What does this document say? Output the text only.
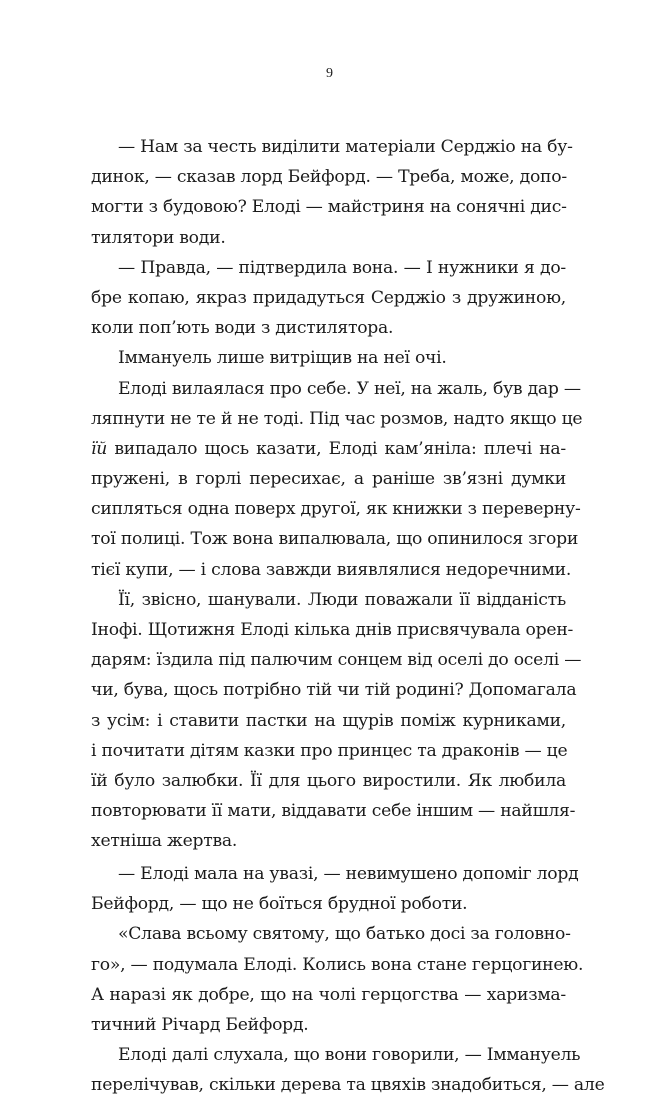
9
— Нам за честь виділити матеріали Серджіо на бу-
динок, — сказав лорд Бейфорд. — Треба, може, допо-
могти з будовою? Елоді — майстриня на сонячні дис-
тилятори води.
— Правда, — підтвердила вона. — І нужники я до-
бре копаю, якраз придадуться Серджіо з дружиною,
коли поп’ють води з дистилятора.
Іммануель лише витріщив на неї очі.
Елоді вилаялася про себе. У неї, на жаль, був дар —
ляпнути не те й не тоді. Під час розмов, надто якщо це
їй випадало щось казати, Елоді кам’яніла: плечі на-
пружені, в горлі пересихає, а раніше зв’язні думки
сипляться одна поверх другої, як книжки з переверну-
тої полиці. Тож вона випалювала, що опинилося згори
тієї купи, — і слова завжди виявлялися недоречними.
Її, звісно, шанували. Люди поважали її відданість
Інофі. Щотижня Елоді кілька днів присвячувала орен-
дарям: їздила під палючим сонцем від оселі до оселі —
чи, бува, щось потрібно тій чи тій родині? Допомагала
з усім: і ставити пастки на щурів поміж курниками,
і почитати дітям казки про принцес та драконів — це
їй було залюбки. Її для цього виростили. Як любила
повторювати її мати, віддавати себе іншим — найшля-
хетніша жертва.
— Елоді мала на увазі, — невимушено допоміг лорд
Бейфорд, — що не боїться брудної роботи.
«Слава всьому святому, що батько досі за головно-
го», — подумала Елоді. Колись вона стане герцогинею.
А наразі як добре, що на чолі герцогства — харизма-
тичний Річард Бейфорд.
Елоді далі слухала, що вони говорили, — Іммануель
перелічував, скільки дерева та цвяхів знадобиться, — але
